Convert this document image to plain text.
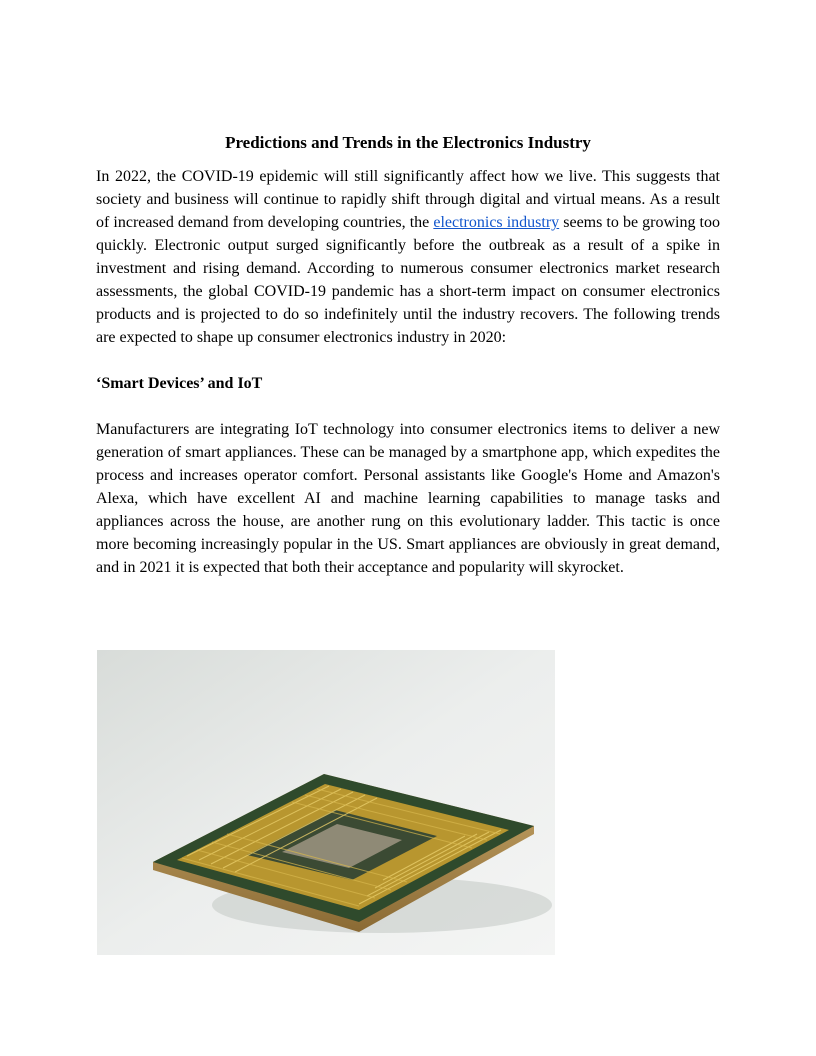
Predictions and Trends in the Electronics Industry

In 2022, the COVID-19 epidemic will still significantly affect how we live. This suggests that society and business will continue to rapidly shift through digital and virtual means. As a result of increased demand from developing countries, the electronics industry seems to be growing too quickly. Electronic output surged significantly before the outbreak as a result of a spike in investment and rising demand. According to numerous consumer electronics market research assessments, the global COVID-19 pandemic has a short-term impact on consumer electronics products and is projected to do so indefinitely until the industry recovers. The following trends are expected to shape up consumer electronics industry in 2020:

‘Smart Devices’ and IoT

Manufacturers are integrating IoT technology into consumer electronics items to deliver a new generation of smart appliances. These can be managed by a smartphone app, which expedites the process and increases operator comfort. Personal assistants like Google's Home and Amazon's Alexa, which have excellent AI and machine learning capabilities to manage tasks and appliances across the house, are another rung on this evolutionary ladder. This tactic is once more becoming increasingly popular in the US. Smart appliances are obviously in great demand, and in 2021 it is expected that both their acceptance and popularity will skyrocket.
